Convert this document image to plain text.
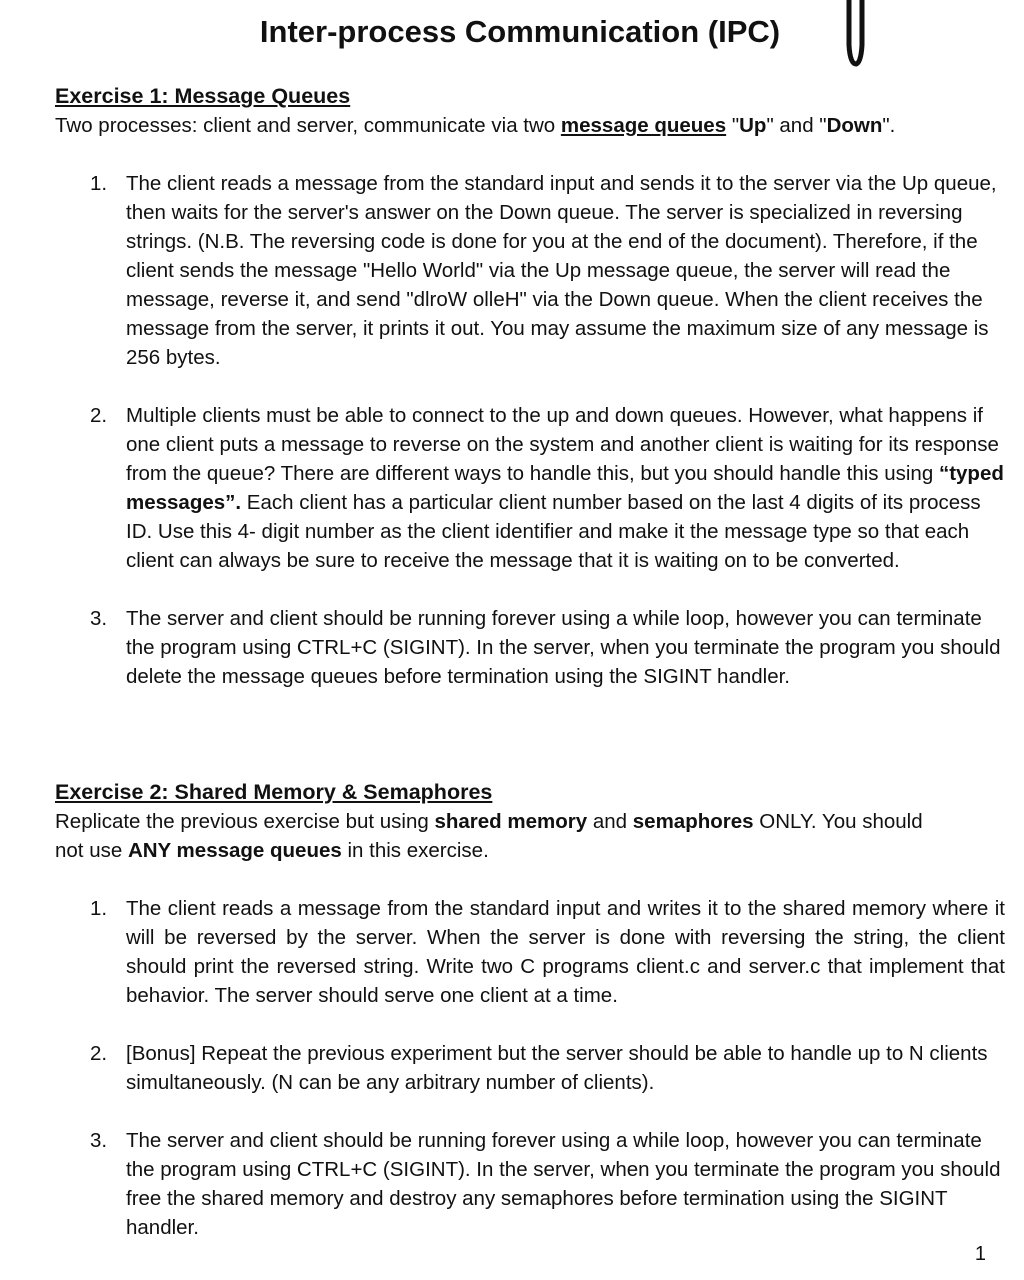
Inter-process Communication (IPC)
Exercise 1: Message Queues
Two processes: client and server, communicate via two message queues "Up" and "Down".
1. The client reads a message from the standard input and sends it to the server via the Up queue, then waits for the server's answer on the Down queue. The server is specialized in reversing strings. (N.B. The reversing code is done for you at the end of the document). Therefore, if the client sends the message "Hello World" via the Up message queue, the server will read the message, reverse it, and send "dlroW olleH" via the Down queue. When the client receives the message from the server, it prints it out. You may assume the maximum size of any message is 256 bytes.
2. Multiple clients must be able to connect to the up and down queues. However, what happens if one client puts a message to reverse on the system and another client is waiting for its response from the queue? There are different ways to handle this, but you should handle this using “typed messages”. Each client has a particular client number based on the last 4 digits of its process ID. Use this 4- digit number as the client identifier and make it the message type so that each client can always be sure to receive the message that it is waiting on to be converted.
3. The server and client should be running forever using a while loop, however you can terminate the program using CTRL+C (SIGINT). In the server, when you terminate the program you should delete the message queues before termination using the SIGINT handler.
Exercise 2: Shared Memory & Semaphores
Replicate the previous exercise but using shared memory and semaphores ONLY. You should not use ANY message queues in this exercise.
1. The client reads a message from the standard input and writes it to the shared memory where it will be reversed by the server. When the server is done with reversing the string, the client should print the reversed string. Write two C programs client.c and server.c that implement that behavior. The server should serve one client at a time.
2. [Bonus] Repeat the previous experiment but the server should be able to handle up to N clients simultaneously. (N can be any arbitrary number of clients).
3. The server and client should be running forever using a while loop, however you can terminate the program using CTRL+C (SIGINT). In the server, when you terminate the program you should free the shared memory and destroy any semaphores before termination using the SIGINT handler.
1
